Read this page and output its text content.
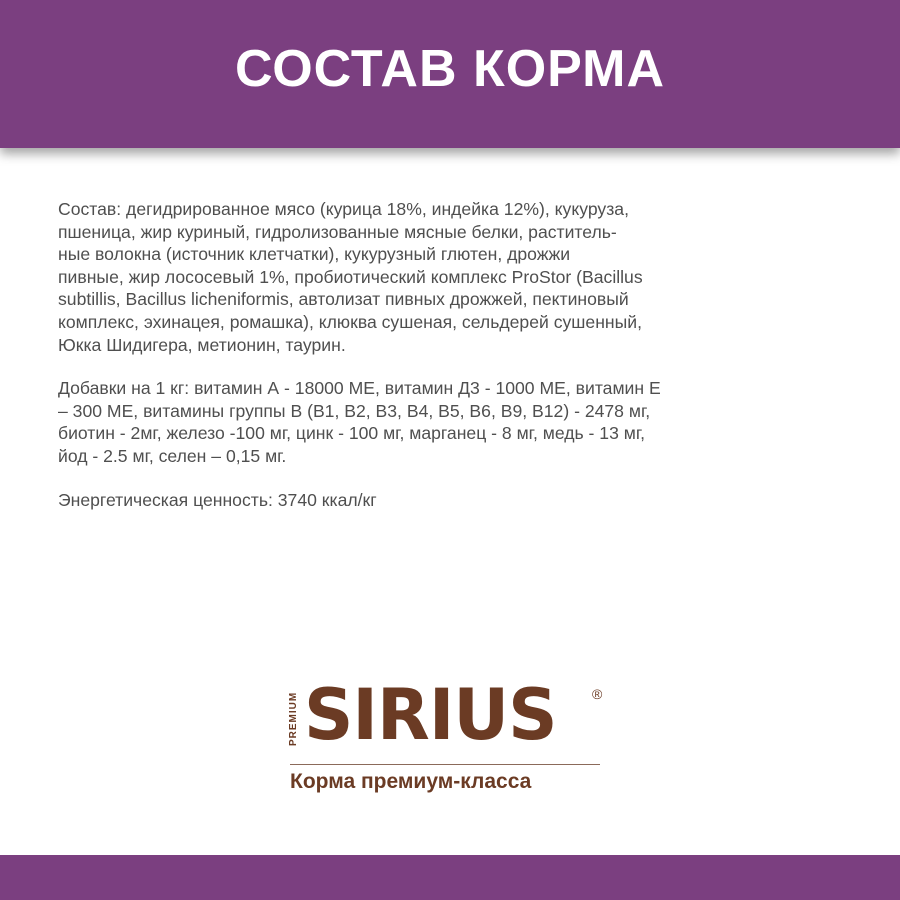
СОСТАВ КОРМА
Состав: дегидрированное мясо (курица 18%, индейка 12%), кукуруза,
пшеница, жир куриный, гидролизованные мясные белки, раститель-
ные волокна (источник клетчатки), кукурузный глютен, дрожжи
пивные, жир лососевый 1%, пробиотический комплекс ProStor (Bacillus
subtillis, Bacillus licheniformis, автолизат пивных дрожжей, пектиновый
комплекс, эхинацея, ромашка), клюква сушеная, сельдерей сушенный,
Юкка Шидигера, метионин, таурин.
Добавки на 1 кг: витамин А - 18000 МЕ, витамин Д3 - 1000 МЕ, витамин Е
– 300 МЕ, витамины группы В (В1, В2, В3, В4, В5, В6, В9, В12) - 2478 мг,
биотин - 2мг, железо -100 мг, цинк - 100 мг, марганец - 8 мг, медь - 13 мг,
йод - 2.5 мг, селен – 0,15 мг.
Энергетическая ценность: 3740 ккал/кг
PREMIUM SIRIUS	®
Корма премиум-класса
